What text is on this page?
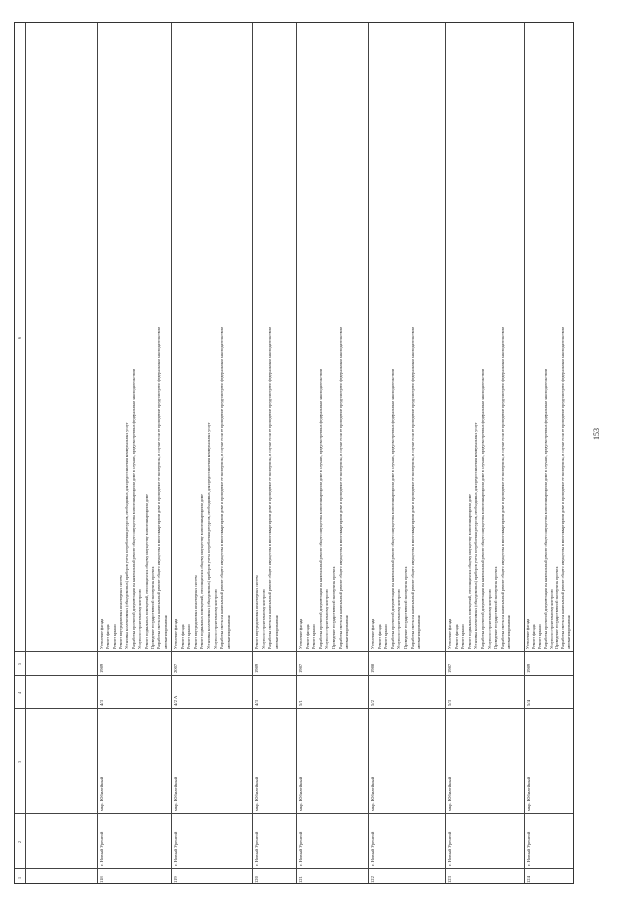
153
1
2
3
4
5
6
118
г. Новый Уренгой
мкр. Юбилейный
4/3
1989
Утепление фасада Ремонт фасада Ремонт крыши Ремонт внутридомовых инженерных систем Установка коллективных (общедомовых) приборов учета потребления ресурсов, необходимых для предоставления коммунальных услуг Разработка проектной документации на капитальный ремонт общего имущества в многоквартирном доме в случаях, предусмотренных федеральным законодательством Услуги по строительному контролю Ремонт подвальных помещений, относящихся к общему имуществу в многоквартирном доме Проведение государственной экспертизы проекта Разработка сметы на капитальный ремонт общего имущества в многоквартирном доме и проведение ее экспертизы, в случае если ее проведение предусмотрено федеральным законодательством автоматизированная
119
г. Новый Уренгой
мкр. Юбилейный
4/2 А
2007
Утепление фасада Ремонт фасада Ремонт крыши Ремонт внутридомовых инженерных систем Ремонт подвальных помещений, относящихся к общему имуществу в многоквартирном доме Установка коллективных (общедомовых) приборов учета потребления ресурсов, необходимых для предоставления коммунальных услуг Услуги по строительному контролю Разработка сметы на капитальный ремонт общего имущества в многоквартирном доме и проведение ее экспертизы, в случае если ее проведение предусмотрено федеральным законодательством автоматизированная
120
г. Новый Уренгой
мкр. Юбилейный
4/3
1989
Ремонт внутридомовых инженерных систем Услуги по строительному контролю Разработка сметы на капитальный ремонт общего имущества в многоквартирном доме и проведение ее экспертизы, в случае если ее проведение предусмотрено федеральным законодательством автоматизированная
121
г. Новый Уренгой
мкр. Юбилейный
5/1
1987
Утепление фасада Ремонт фасада Ремонт крыши Разработка проектной документации на капитальный ремонт общего имущества в многоквартирном доме в случаях, предусмотренных федеральным законодательством Услуги по строительному контролю Проведение государственной экспертизы проекта Разработка сметы на капитальный ремонт общего имущества в многоквартирном доме и проведение ее экспертизы, в случае если ее проведение предусмотрено федеральным законодательством автоматизированная
122
г. Новый Уренгой
мкр. Юбилейный
5/2
1988
Утепление фасада Ремонт фасада Ремонт крыши Разработка проектной документации на капитальный ремонт общего имущества в многоквартирном доме в случаях, предусмотренных федеральным законодательством Услуги по строительному контролю Проведение государственной экспертизы проекта Разработка сметы на капитальный ремонт общего имущества в многоквартирном доме и проведение ее экспертизы, в случае если ее проведение предусмотрено федеральным законодательством автоматизированная
123
г. Новый Уренгой
мкр. Юбилейный
5/3
1987
Утепление фасада Ремонт фасада Ремонт крыши Ремонт подвальных помещений, относящихся к общему имуществу в многоквартирном доме Установка коллективных (общедомовых) приборов учета потребления ресурсов, необходимых для предоставления коммунальных услуг Разработка проектной документации на капитальный ремонт общего имущества в многоквартирном доме в случаях, предусмотренных федеральным законодательством Услуги по строительному контролю Проведение государственной экспертизы проекта Разработка сметы на капитальный ремонт общего имущества в многоквартирном доме и проведение ее экспертизы, в случае если ее проведение предусмотрено федеральным законодательством автоматизированная
124
г. Новый Уренгой
мкр. Юбилейный
5/4
1989
Утепление фасада Ремонт фасада Ремонт крыши Разработка проектной документации на капитальный ремонт общего имущества в многоквартирном доме в случаях, предусмотренных федеральным законодательством Услуги по строительному контролю Проведение государственной экспертизы проекта Разработка сметы на капитальный ремонт общего имущества в многоквартирном доме и проведение ее экспертизы, в случае если ее проведение предусмотрено федеральным законодательством автоматизированная
